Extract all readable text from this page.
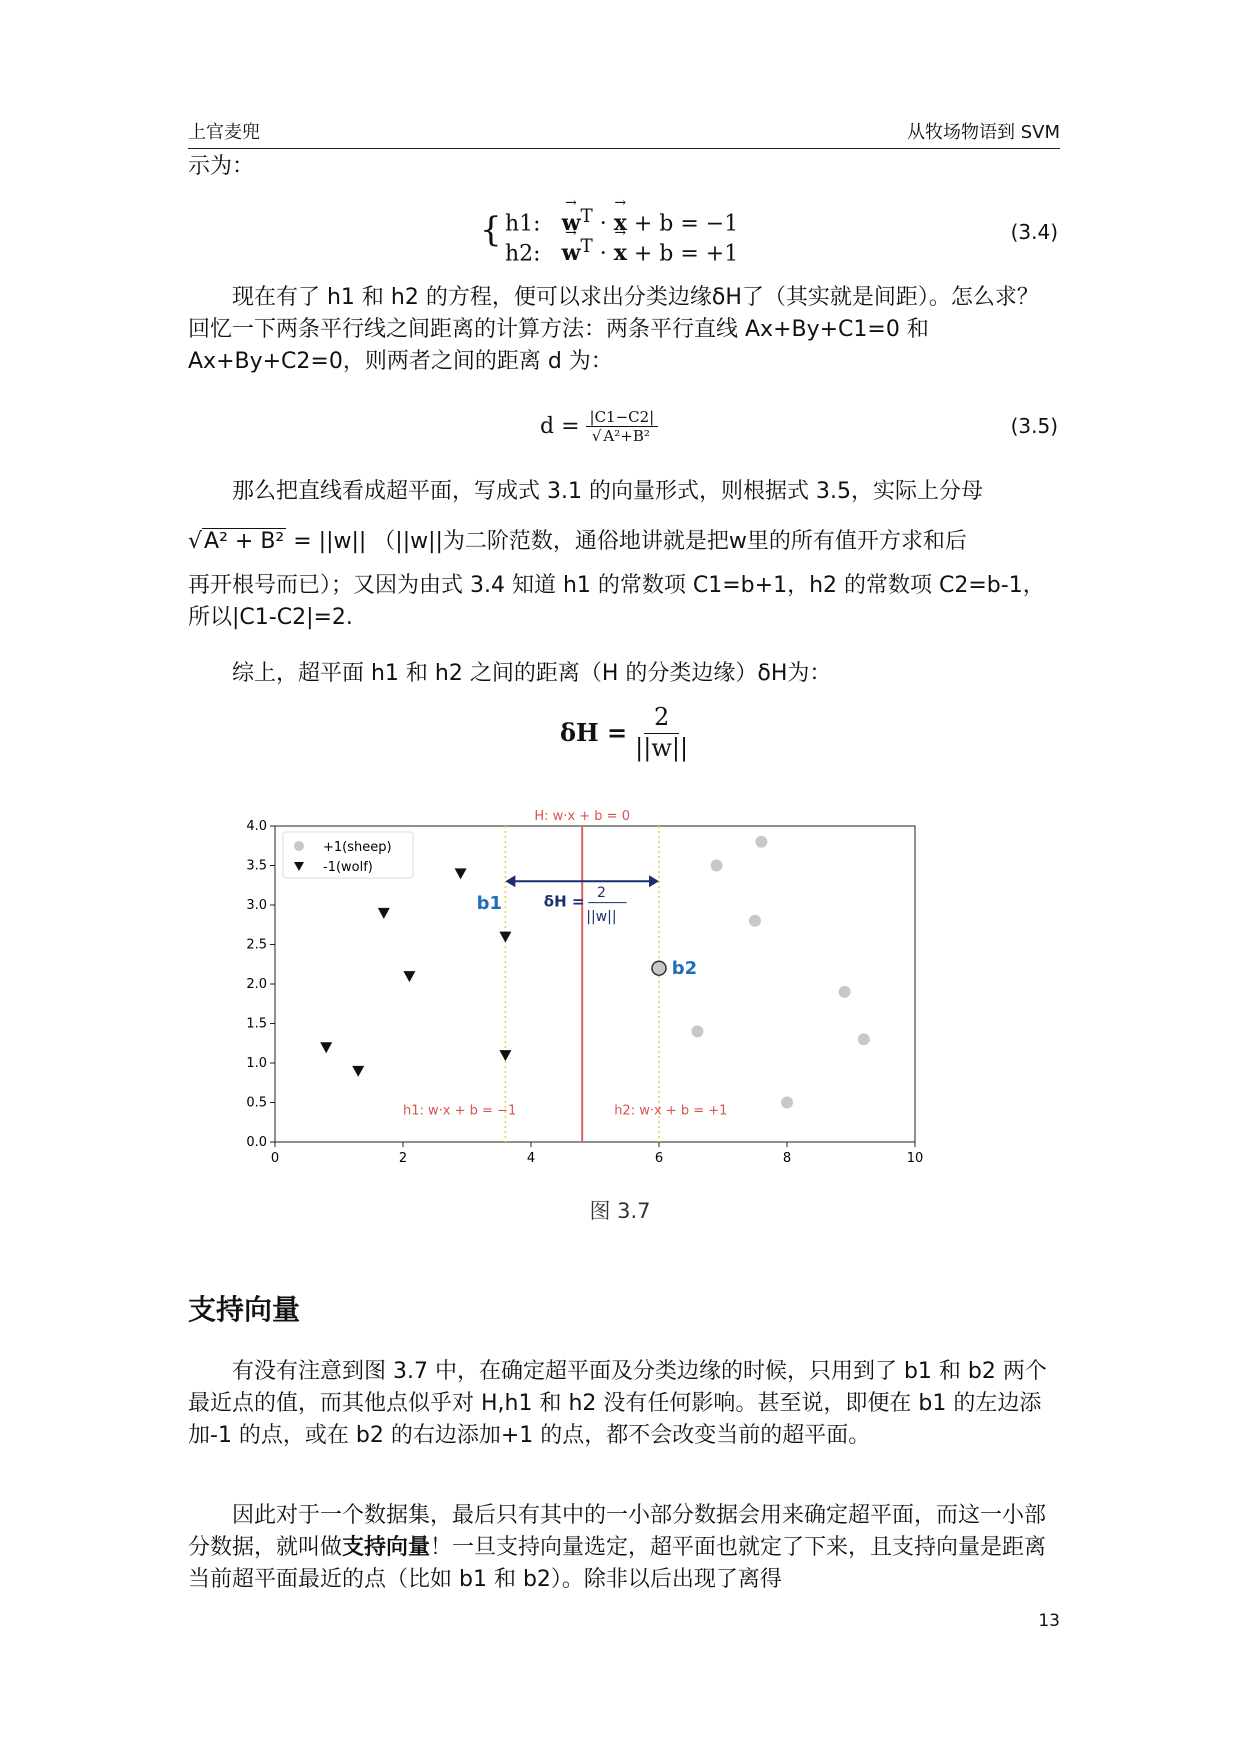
上官麦兜	从牧场物语到 SVM
示为：
{ h1: w →$^T$ · x → + b = −1
h2: w →$^T$ · x → + b = +1
(3.4)
现在有了 h1 和 h2 的方程，便可以求出分类边缘δH了（其实就是间距）。怎么求？回忆一下两条平行线之间距离的计算方法：两条平行直线 Ax+By+C1=0 和 Ax+By+C2=0，则两者之间的距离 d 为：
$d = \frac{|C1-C2|}{\text{√ A²+B²}}$	(3.5)
那么把直线看成超平面，写成式 3.1 的向量形式，则根据式 3.5，实际上分母
√A² + B² = ||w|| （||w||为二阶范数，通俗地讲就是把w里的所有值开方求和后
再开根号而已）；又因为由式 3.4 知道 h1 的常数项 C1=b+1，h2 的常数项 C2=b-1，所以|C1-C2|=2.
综上，超平面 h1 和 h2 之间的距离（H 的分类边缘）δH为：
$\delta H = \frac{2}{||w||}$
0	2	4	6	8	10
0.0
0.5
1.0
1.5
2.0
2.5
3.0
3.5
4.0
+1(sheep)
-1(wolf)
H: w·x + b = 0
h1: w·x + b = −1	h2: w·x + b = +1
b1
b2
δH = 2
||w||
图 3.7
支持向量
有没有注意到图 3.7 中，在确定超平面及分类边缘的时候，只用到了 b1 和 b2 两个最近点的值，而其他点似乎对 H,h1 和 h2 没有任何影响。甚至说，即便在 b1 的左边添加-1 的点，或在 b2 的右边添加+1 的点，都不会改变当前的超平面。
因此对于一个数据集，最后只有其中的一小部分数据会用来确定超平面，而这一小部分数据，就叫做支持向量！一旦支持向量选定，超平面也就定了下来，且支持向量是距离当前超平面最近的点（比如 b1 和 b2）。除非以后出现了离得
13
